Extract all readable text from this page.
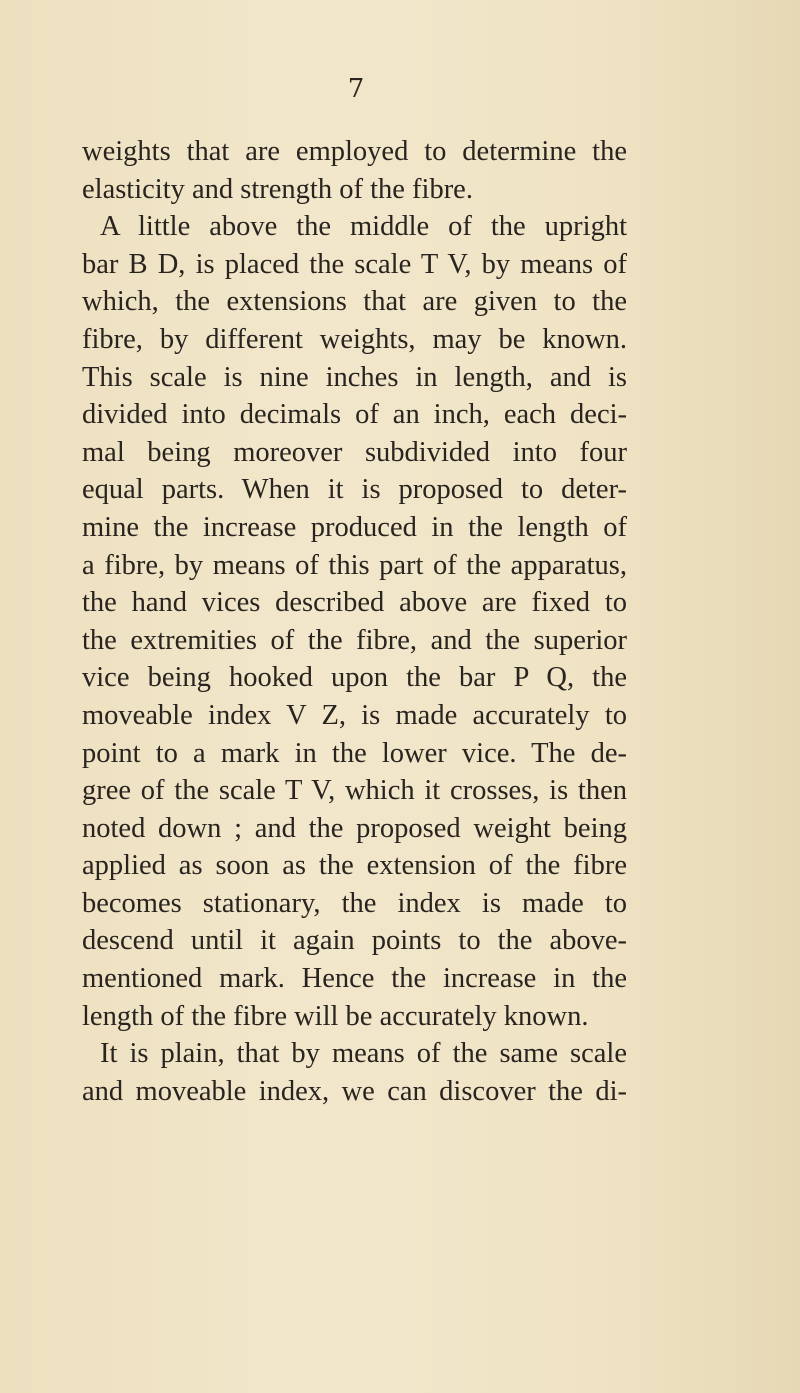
7
weights that are employed to determine the
elasticity and strength of the fibre.
A little above the middle of the upright
bar B D, is placed the scale T V, by means of
which, the extensions that are given to the
fibre, by different weights, may be known.
This scale is nine inches in length, and is
divided into decimals of an inch, each deci-
mal being moreover subdivided into four
equal parts. When it is proposed to deter-
mine the increase produced in the length of
a fibre, by means of this part of the apparatus,
the hand vices described above are fixed to
the extremities of the fibre, and the superior
vice being hooked upon the bar P Q, the
moveable index V Z, is made accurately to
point to a mark in the lower vice. The de-
gree of the scale T V, which it crosses, is then
noted down ; and the proposed weight being
applied as soon as the extension of the fibre
becomes stationary, the index is made to
descend until it again points to the above-
mentioned mark. Hence the increase in the
length of the fibre will be accurately known.
It is plain, that by means of the same scale
and moveable index, we can discover the di-
